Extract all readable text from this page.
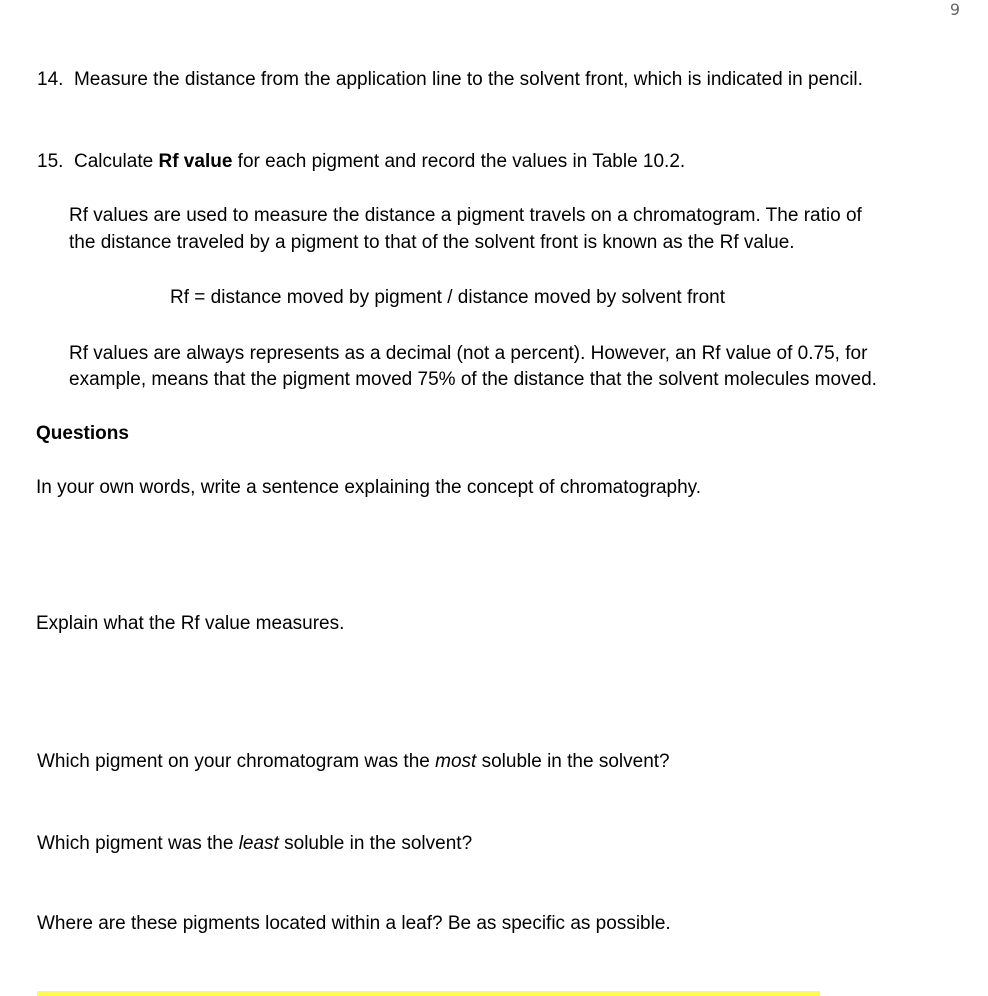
9

14. Measure the distance from the application line to the solvent front, which is indicated in pencil.

15. Calculate Rf value for each pigment and record the values in Table 10.2.

Rf values are used to measure the distance a pigment travels on a chromatogram. The ratio of

the distance traveled by a pigment to that of the solvent front is known as the Rf value.

Rf = distance moved by pigment / distance moved by solvent front

Rf values are always represents as a decimal (not a percent). However, an Rf value of 0.75, for

example, means that the pigment moved 75% of the distance that the solvent molecules moved.

Questions

In your own words, write a sentence explaining the concept of chromatography.

Explain what the Rf value measures.

Which pigment on your chromatogram was the most soluble in the solvent?

Which pigment was the least soluble in the solvent?

Where are these pigments located within a leaf? Be as specific as possible.
